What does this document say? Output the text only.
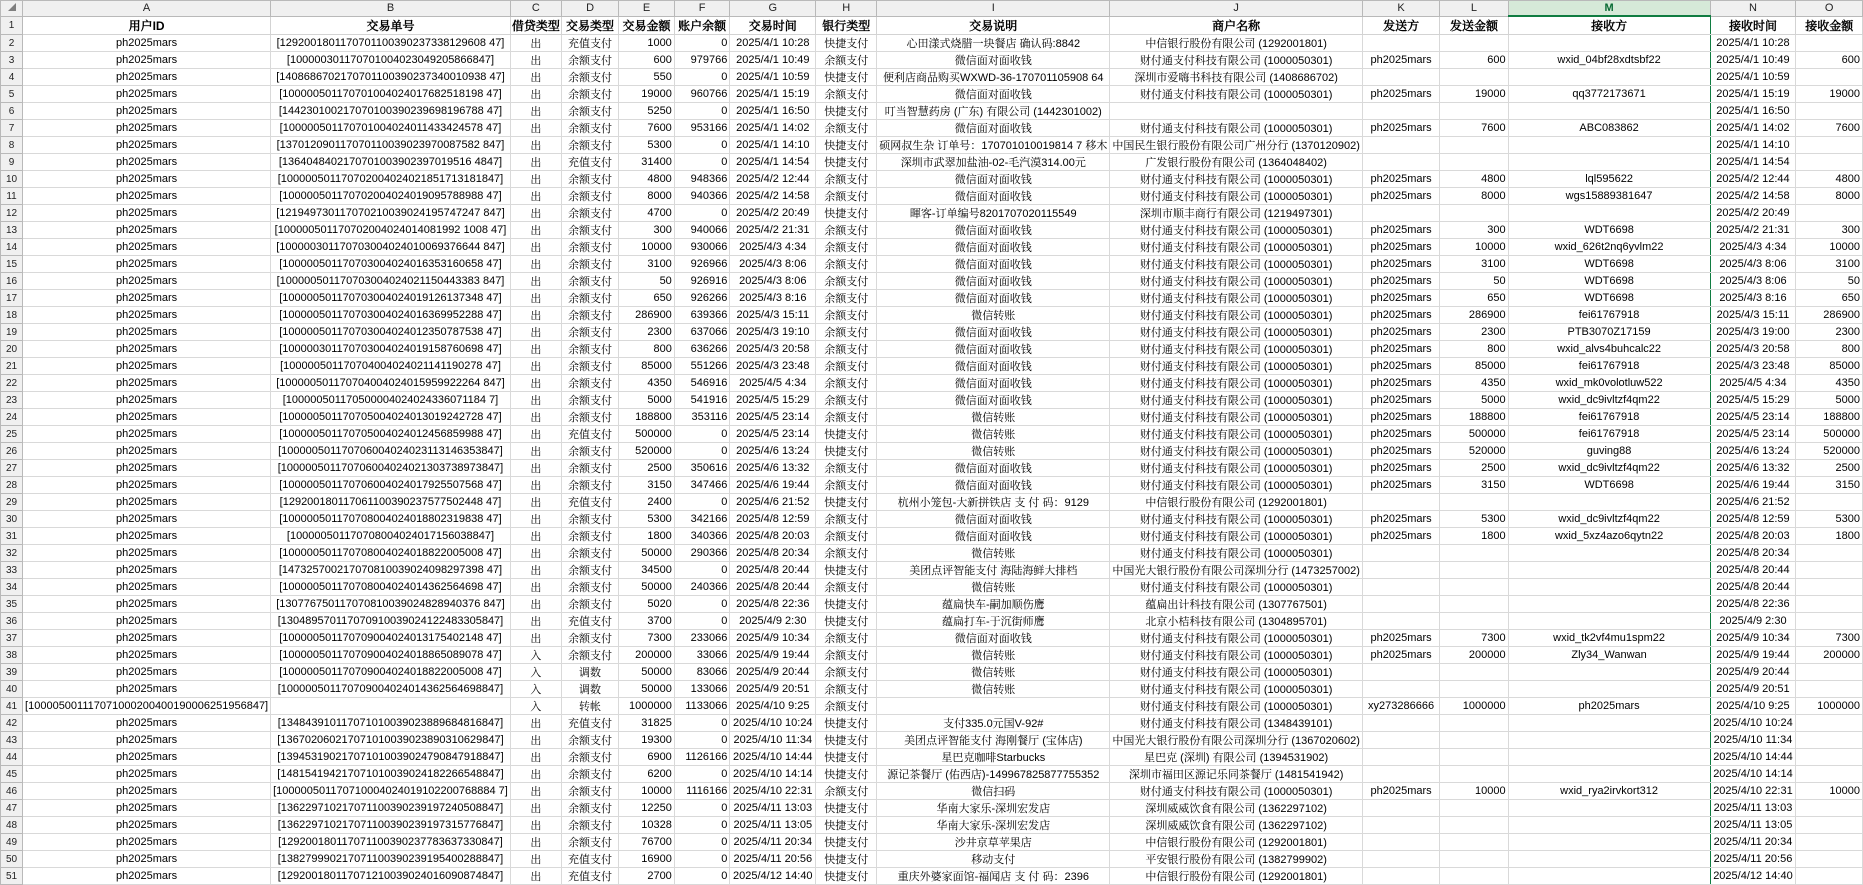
	A	B	C	D	E	F	G	H	I	J	K	L	M	N	O
1	用户ID	交易单号	借贷类型	交易类型	交易金额	账户余额	交易时间	银行类型	交易说明	商户名称	发送方	发送金额	接收方	接收时间	接收金额
2	ph2025mars	[1292001801170701100390237338129608 47]	出	充值支付	1000	0	2025/4/1 10:28	快捷支付	心田漾式烧腊一块餐店 确认码:8842	中信银行股份有限公司 (1292001801)				2025/4/1 10:28	
3	ph2025mars	[100000301170701004023049205866847]	出	余额支付	600	979766	2025/4/1 10:49	余额支付	微信面对面收钱	财付通支付科技有限公司 (1000050301)	ph2025mars	600	wxid_04bf28xdtsbf22	2025/4/1 10:49	600
4	ph2025mars	[1408686702170701100390237340010938 47]	出	余额支付	550	0	2025/4/1 10:59	快捷支付	便利店商品购买WXWD-36-170701105908 64	深圳市爱嗨书科技有限公司 (1408686702)				2025/4/1 10:59	
5	ph2025mars	[100000501170701004024017682518198 47]	出	余额支付	19000	960766	2025/4/1 15:19	余额支付	微信面对面收钱	财付通支付科技有限公司 (1000050301)	ph2025mars	19000	qq3772173671	2025/4/1 15:19	19000
6	ph2025mars	[144230100217070100390239698196788 47]	出	余额支付	5250	0	2025/4/1 16:50	快捷支付	叮当智慧药房 (广东) 有限公司 (1442301002)					2025/4/1 16:50	
7	ph2025mars	[100000501170701004024011433424578 47]	出	余额支付	7600	953166	2025/4/1 14:02	余额支付	微信面对面收钱	财付通支付科技有限公司 (1000050301)	ph2025mars	7600	ABC083862	2025/4/1 14:02	7600
8	ph2025mars	[137012090117070110039023970087582 847]	出	余额支付	5300	0	2025/4/1 14:10	快捷支付	硕网叔生杂 订单号：170701010019814 7 移木	中国民生银行股份有限公司广州分行 (1370120902)				2025/4/1 14:10	
9	ph2025mars	[1364048402170701003902397019516 4847]	出	充值支付	31400	0	2025/4/1 14:54	快捷支付	深圳市武翠加盐油-02-毛汽漠314.00元	广发银行股份有限公司 (1364048402)				2025/4/1 14:54	
10	ph2025mars	[100000501170702004024021851713181847]	出	余额支付	4800	948366	2025/4/2 12:44	余额支付	微信面对面收钱	财付通支付科技有限公司 (1000050301)	ph2025mars	4800	lql595622	2025/4/2 12:44	4800
11	ph2025mars	[100000501170702004024019095788988 47]	出	余额支付	8000	940366	2025/4/2 14:58	余额支付	微信面对面收钱	财付通支付科技有限公司 (1000050301)	ph2025mars	8000	wgs15889381647	2025/4/2 14:58	8000
12	ph2025mars	[121949730117070210039024195747247 847]	出	余额支付	4700	0	2025/4/2 20:49	快捷支付	暉客-订单编号8201707020115549	深圳市顺丰商行有限公司 (1219497301)				2025/4/2 20:49	
13	ph2025mars	[100000501170702004024014081992 1008 47]	出	余额支付	300	940066	2025/4/2 21:31	余额支付	微信面对面收钱	财付通支付科技有限公司 (1000050301)	ph2025mars	300	WDT6698	2025/4/2 21:31	300
14	ph2025mars	[100000301170703004024010069376644 847]	出	余额支付	10000	930066	2025/4/3 4:34	余额支付	微信面对面收钱	财付通支付科技有限公司 (1000050301)	ph2025mars	10000	wxid_626t2nq6yvlm22	2025/4/3 4:34	10000
15	ph2025mars	[100000501170703004024016353160658 47]	出	余额支付	3100	926966	2025/4/3 8:06	余额支付	微信面对面收钱	财付通支付科技有限公司 (1000050301)	ph2025mars	3100	WDT6698	2025/4/3 8:06	3100
16	ph2025mars	[100000501170703004024021150443383 847]	出	余额支付	50	926916	2025/4/3 8:06	余额支付	微信面对面收钱	财付通支付科技有限公司 (1000050301)	ph2025mars	50	WDT6698	2025/4/3 8:06	50
17	ph2025mars	[100000501170703004024019126137348 47]	出	余额支付	650	926266	2025/4/3 8:16	余额支付	微信面对面收钱	财付通支付科技有限公司 (1000050301)	ph2025mars	650	WDT6698	2025/4/3 8:16	650
18	ph2025mars	[100000501170703004024016369952288 47]	出	余额支付	286900	639366	2025/4/3 15:11	余额支付	微信转账	财付通支付科技有限公司 (1000050301)	ph2025mars	286900	fei61767918	2025/4/3 15:11	286900
19	ph2025mars	[100000501170703004024012350787538 47]	出	余额支付	2300	637066	2025/4/3 19:10	余额支付	微信面对面收钱	财付通支付科技有限公司 (1000050301)	ph2025mars	2300	PTB3070Z17159	2025/4/3 19:00	2300
20	ph2025mars	[100000301170703004024019158760698 47]	出	余额支付	800	636266	2025/4/3 20:58	余额支付	微信面对面收钱	财付通支付科技有限公司 (1000050301)	ph2025mars	800	wxid_alvs4buhcalc22	2025/4/3 20:58	800
21	ph2025mars	[100000501170704004024021141190278 47]	出	余额支付	85000	551266	2025/4/3 23:48	余额支付	微信面对面收钱	财付通支付科技有限公司 (1000050301)	ph2025mars	85000	fei61767918	2025/4/3 23:48	85000
22	ph2025mars	[100000501170704004024015959922264 847]	出	余额支付	4350	546916	2025/4/5 4:34	余额支付	微信面对面收钱	财付通支付科技有限公司 (1000050301)	ph2025mars	4350	wxid_mk0volotluw522	2025/4/5 4:34	4350
23	ph2025mars	[100000501170500004024024336071184 7]	出	余额支付	5000	541916	2025/4/5 15:29	余额支付	微信面对面收钱	财付通支付科技有限公司 (1000050301)	ph2025mars	5000	wxid_dc9ivltzf4qm22	2025/4/5 15:29	5000
24	ph2025mars	[100000501170705004024013019242728 47]	出	余额支付	188800	353116	2025/4/5 23:14	余额支付	微信转账	财付通支付科技有限公司 (1000050301)	ph2025mars	188800	fei61767918	2025/4/5 23:14	188800
25	ph2025mars	[100000501170705004024012456859988 47]	出	充值支付	500000	0	2025/4/5 23:14	快捷支付	微信转账	财付通支付科技有限公司 (1000050301)	ph2025mars	500000	fei61767918	2025/4/5 23:14	500000
26	ph2025mars	[100000501170706004024023113146353847]	出	余额支付	520000	0	2025/4/6 13:24	快捷支付	微信转账	财付通支付科技有限公司 (1000050301)	ph2025mars	520000	guving88	2025/4/6 13:24	520000
27	ph2025mars	[100000501170706004024021303738973847]	出	余额支付	2500	350616	2025/4/6 13:32	余额支付	微信面对面收钱	财付通支付科技有限公司 (1000050301)	ph2025mars	2500	wxid_dc9ivltzf4qm22	2025/4/6 13:32	2500
28	ph2025mars	[100000501170706004024017925507568 47]	出	余额支付	3150	347466	2025/4/6 19:44	余额支付	微信面对面收钱	财付通支付科技有限公司 (1000050301)	ph2025mars	3150	WDT6698	2025/4/6 19:44	3150
29	ph2025mars	[129200180117061100390237577502448 47]	出	充值支付	2400	0	2025/4/6 21:52	快捷支付	杭州小笼包-大新拼铁店 支 付 码：9129	中信银行股份有限公司 (1292001801)				2025/4/6 21:52	
30	ph2025mars	[100000501170708004024018802319838 47]	出	余额支付	5300	342166	2025/4/8 12:59	余额支付	微信面对面收钱	财付通支付科技有限公司 (1000050301)	ph2025mars	5300	wxid_dc9ivltzf4qm22	2025/4/8 12:59	5300
31	ph2025mars	[100000501170708004024017156038847]	出	余额支付	1800	340366	2025/4/8 20:03	余额支付	微信面对面收钱	财付通支付科技有限公司 (1000050301)	ph2025mars	1800	wxid_5xz4azo6qytn22	2025/4/8 20:03	1800
32	ph2025mars	[100000501170708004024018822005008 47]	出	余额支付	50000	290366	2025/4/8 20:34	余额支付	微信转账	财付通支付科技有限公司 (1000050301)				2025/4/8 20:34	
33	ph2025mars	[147325700217070810039024098297398 47]	出	余额支付	34500	0	2025/4/8 20:44	快捷支付	美团点评智能支付 海陆海鲜大排档	中国光大银行股份有限公司深圳分行 (1473257002)				2025/4/8 20:44	
34	ph2025mars	[100000501170708004024014362564698 47]	出	余额支付	50000	240366	2025/4/8 20:44	余额支付	微信转账	财付通支付科技有限公司 (1000050301)				2025/4/8 20:44	
35	ph2025mars	[130776750117070810039024828940376 847]	出	余额支付	5020	0	2025/4/8 22:36	快捷支付	蕴扁快车-嗣加顺伤鹰	蕴扁出计科技有限公司 (1307767501)				2025/4/8 22:36	
36	ph2025mars	[130489570117070910039024122483305847]	出	充值支付	3700	0	2025/4/9 2:30	快捷支付	蕴扁打车-于沉街师鹰	北京小桔科技有限公司 (1304895701)				2025/4/9 2:30	
37	ph2025mars	[100000501170709004024013175402148 47]	出	余额支付	7300	233066	2025/4/9 10:34	余额支付	微信面对面收钱	财付通支付科技有限公司 (1000050301)	ph2025mars	7300	wxid_tk2vf4mu1spm22	2025/4/9 10:34	7300
38	ph2025mars	[100000501170709004024018865089078 47]	入	余额支付	200000	33066	2025/4/9 19:44	余额支付	微信转账	财付通支付科技有限公司 (1000050301)	ph2025mars	200000	Zly34_Wanwan	2025/4/9 19:44	200000
39	ph2025mars	[100000501170709004024018822005008 47]	入	调数	50000	83066	2025/4/9 20:44	余额支付	微信转账	财付通支付科技有限公司 (1000050301)				2025/4/9 20:44	
40	ph2025mars	[100000501170709004024014362564698847]	入	调数	50000	133066	2025/4/9 20:51	余额支付	微信转账	财付通支付科技有限公司 (1000050301)				2025/4/9 20:51	
41	[100005001117071000200400190006251956847]		入	转帐	1000000	1133066	2025/4/10 9:25	余额支付		财付通支付科技有限公司 (1000050301)	xy273286666	1000000	ph2025mars	2025/4/10 9:25	1000000
42	ph2025mars	[134843910117071010039023889684816847]	出	充值支付	31825	0	2025/4/10 10:24	快捷支付	支付335.0元国V-92#	财付通支付科技有限公司 (1348439101)				2025/4/10 10:24	
43	ph2025mars	[136702060217071010039023890310629847]	出	余额支付	19300	0	2025/4/10 11:34	快捷支付	美团点评智能支付 海刚餐厅 (宝体店)	中国光大银行股份有限公司深圳分行 (1367020602)				2025/4/10 11:34	
44	ph2025mars	[139453190217071010039024790847918847]	出	余额支付	6900	1126166	2025/4/10 14:44	快捷支付	星巴克咖啡Starbucks	星巴克 (深圳) 有限公司 (1394531902)				2025/4/10 14:44	
45	ph2025mars	[148154194217071010039024182266548847]	出	余额支付	6200	0	2025/4/10 14:14	快捷支付	源记茶餐厅 (佑西店)-149967825877755352	深圳市福田区源记乐同茶餐厅 (1481541942)				2025/4/10 14:14	
46	ph2025mars	[100000501170710004024019102200768884 7]	出	余额支付	10000	1116166	2025/4/10 22:31	余额支付	微信扫码	财付通支付科技有限公司 (1000050301)	ph2025mars	10000	wxid_rya2irvkort312	2025/4/10 22:31	10000
47	ph2025mars	[136229710217071100390239197240508847]	出	余额支付	12250	0	2025/4/11 13:03	快捷支付	华南大家乐-深圳宏发店	深圳威威饮食有限公司 (1362297102)				2025/4/11 13:03	
48	ph2025mars	[136229710217071100390239197315776847]	出	余额支付	10328	0	2025/4/11 13:05	快捷支付	华南大家乐-深圳宏发店	深圳威威饮食有限公司 (1362297102)				2025/4/11 13:05	
49	ph2025mars	[129200180117071100390237783637330847]	出	余额支付	76700	0	2025/4/11 20:34	快捷支付	沙井京草苹果店	中信银行股份有限公司 (1292001801)				2025/4/11 20:34	
50	ph2025mars	[138279990217071100390239195400288847]	出	充值支付	16900	0	2025/4/11 20:56	快捷支付	移动支付	平安银行股份有限公司 (1382799902)				2025/4/11 20:56	
51	ph2025mars	[129200180117071210039024016090874847]	出	充值支付	2700	0	2025/4/12 14:40	快捷支付	重庆外婆家面馆-福闻店 支 付 码：2396	中信银行股份有限公司 (1292001801)				2025/4/12 14:40	
